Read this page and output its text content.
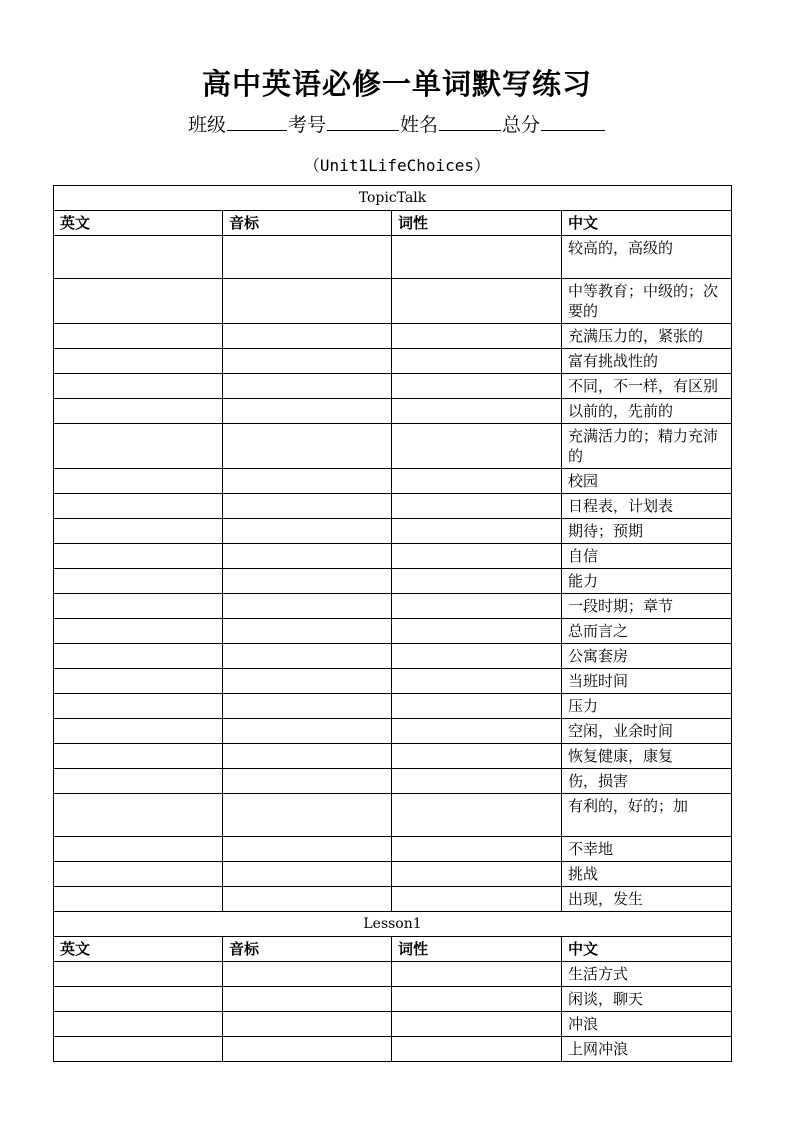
高中英语必修一单词默写练习
班级	考号	姓名	总分
（Unit1LifeChoices）
TopicTalk			
英文	音标	词性	中文
			较高的，高级的
			中等教育；中级的；次要的
			充满压力的，紧张的
			富有挑战性的
			不同，不一样，有区别
			以前的，先前的
			充满活力的；精力充沛的
			校园
			日程表，计划表
			期待；预期
			自信
			能力
			一段时期；章节
			总而言之
			公寓套房
			当班时间
			压力
			空闲，业余时间
			恢复健康，康复
			伤，损害
			有利的，好的；加
			不幸地
			挑战
			出现，发生
Lesson1			
英文	音标	词性	中文
			生活方式
			闲谈，聊天
			冲浪
			上网冲浪
